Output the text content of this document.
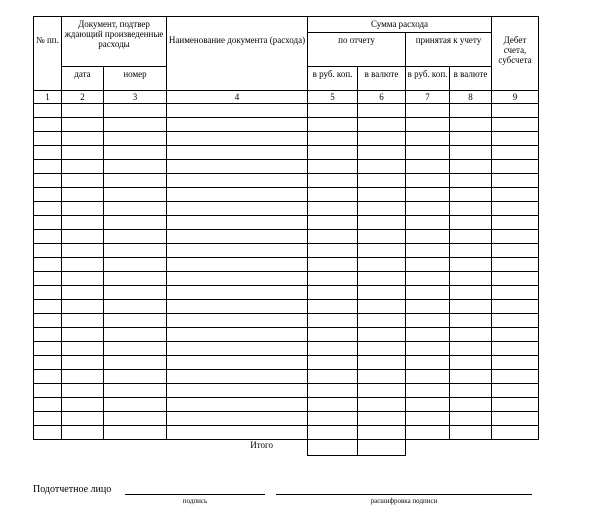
№ пп.	Документ, подтвер ждающий произведенные расходы		Наименование документа (расхода)	Сумма расхода				Дебет счета, субсчета

				по отчету		принятая к учету		

	дата	номер		в руб. коп.	в валюте	в руб. коп.	в валюте	

1	2	3	4	5	6	7	8	9

Итого								
Подотчетное лицо
подпись	расшифровка подписи
